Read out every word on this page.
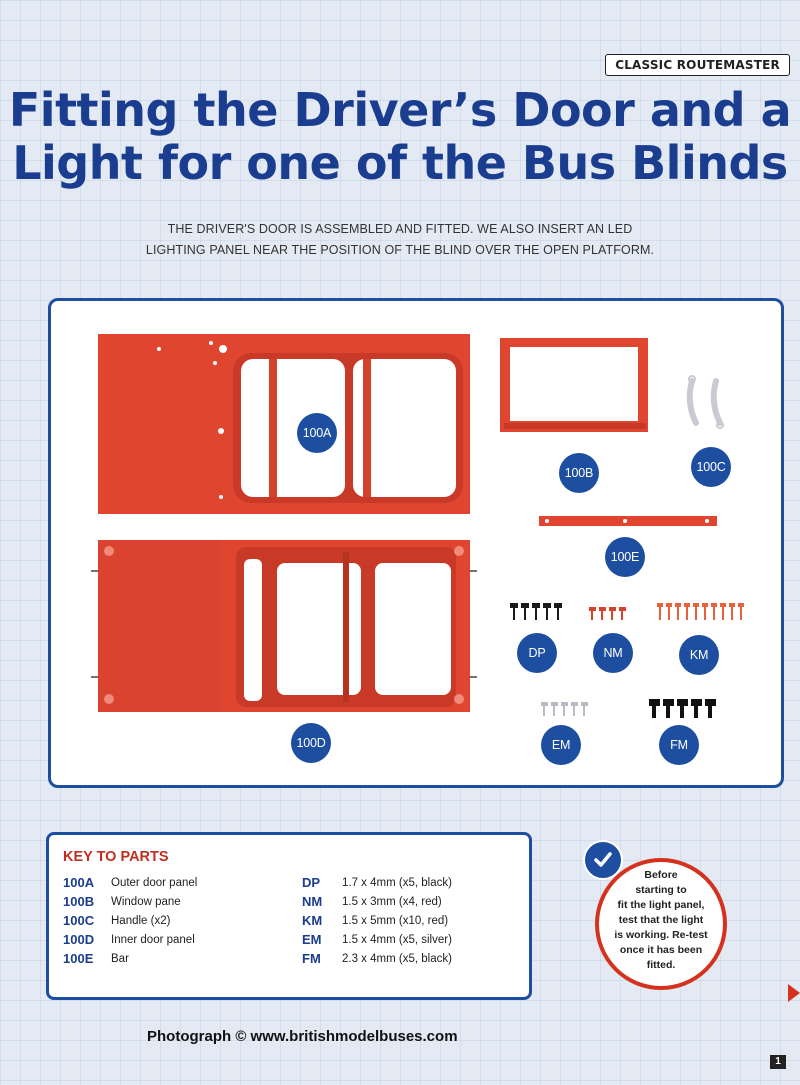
CLASSIC ROUTEMASTER
Fitting the Driver’s Door and a
Light for one of the Bus Blinds
THE DRIVER'S DOOR IS ASSEMBLED AND FITTED. WE ALSO INSERT AN LED
LIGHTING PANEL NEAR THE POSITION OF THE BLIND OVER THE OPEN PLATFORM.
100A
100B	100C
100E
100D
DP	NM	KM
EM	FM
KEY TO PARTS
100A	Outer door panel
100B	Window pane
100C	Handle (x2)
100D	Inner door panel
100E	Bar
DP	1.7 x 4mm (x5, black)
NM	1.5 x 3mm (x4, red)
KM	1.5 x 5mm (x10, red)
EM	1.5 x 4mm (x5, silver)
FM	2.3 x 4mm (x5, black)
Before
starting to
fit the light panel,
test that the light
is working. Re-test
once it has been
fitted.
Photograph © www.britishmodelbuses.com
1
